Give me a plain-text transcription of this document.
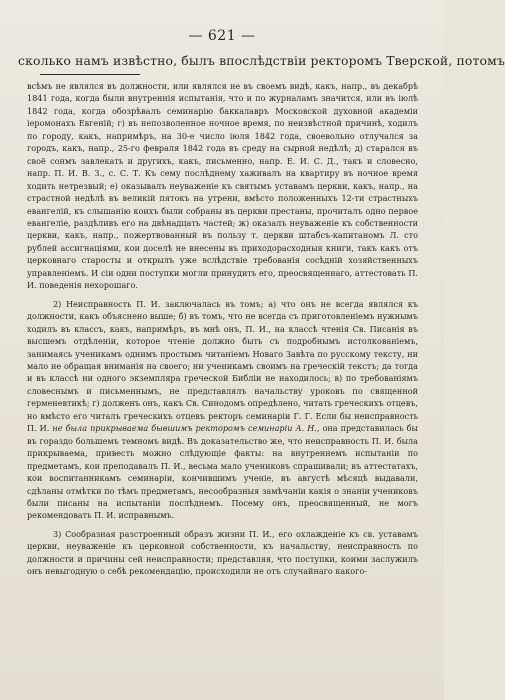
— 621 —
сколько намъ извѣстно, былъ впослѣдствіи ректоромъ Тверской, потомъ

всѣмъ не являлся въ должности, или являлся не въ своемъ видѣ, какъ, напр., въ декабрѣ 1841 года, когда были внутреннія испытанія, что и по журналамъ значится, или въ іюлѣ 1842 года, когда обозрѣвалъ семинарію баккалавръ Московской духовной академіи іеромонахъ Евгеній; г) въ непозволенное ночное время, по неизвѣстной причинѣ, ходилъ по городу, какъ, напримѣръ, на 30-е число іюля 1842 года, своевольно отлучался за городъ, какъ, напр., 25-го февраля 1842 года въ среду на сырной недѣлѣ; д) старался въ своё сонмъ завлекать и другихъ, какъ, письменно, напр. Е. И. С. Д., такъ и словесно, напр. П. И. В. З., с. С. Т. Къ сему послѣднему хаживалъ на квартиру въ ночное время ходить нетрезвый; е) оказывалъ неуваженіе къ святымъ уставамъ церкви, какъ, напр., на страстной недѣлѣ въ великій пятокъ на утрени, вмѣсто положенныхъ 12-ти страстныхъ евангелій, къ слышанію коихъ были собраны въ церкви престаны, прочиталъ одно первое евангеліе, раздѣливъ его на двѣнадцать частей; ж) оказалъ неуваженіе къ собственности церкви, какъ, напр., пожертвованный въ пользу т. церкви штабсъ-капитаномъ Л. сто рублей ассигнаціями, кои доселѣ не внесены въ приходорасходныя книги, такъ какъ отъ церковнаго старосты и открылъ уже вслѣдствіе требованія сосѣдній хозяйственныхъ управленіемъ. И сіи одни поступки могли принудить его, преосвященнаго, аттестовать П. И. поведенія нехорошаго.

2) Неисправность П. И. заключалась въ томъ; а) что онъ не всегда являлся къ должности, какъ объяснено выше; б) въ томъ, что не всегда съ приготовленіемъ нужнымъ ходилъ въ классъ, какъ, напримѣръ, въ мнѣ онъ, П. И., на классѣ чтенія Св. Писанія въ высшемъ отдѣленіи, которое чтеніе должно быть съ подробнымъ истолкованіемъ, занимаясь ученикамъ однимъ простымъ читаніемъ Новаго Завѣта по русскому тексту, ни мало не обращая вниманія на своего; ни ученикамъ своимъ на греческій текстъ; да тогда и въ классѣ ни одного экземпляра греческой Библіи не находилось; в) по требованіямъ словеснымъ и письменнымъ, не представлялъ начальству уроковъ по священной герменевтикѣ; г) долженъ онъ, какъ Св. Синодомъ опредѣлено, читать греческихъ отцевъ, но вмѣсто его читалъ греческихъ отцевъ ректоръ семинаріи Г. Г. Если бы неисправность П. И. не была прикрываема бывшимъ ректоромъ семинаріи А. Н., она представилась бы въ гораздо большемъ темномъ видѣ. Въ доказательство же, что неисправность П. И. была прикрываема, привесть можно слѣдующіе факты: на внутреннемъ испытаніи по предметамъ, кои преподавалъ П. И., весьма мало учениковъ спрашивали; въ аттестатахъ, кои воспитанникамъ семинаріи, кончившимъ ученіе, въ августѣ мѣсяцѣ выдавали, сдѣланы отмѣтки по тѣмъ предметамъ, несообразныя замѣчаніи какія о знаніи учениковъ были писаны на испытаніи послѣднемъ. Посему онъ, преосвященный, не могъ рекомендовать П. И. исправнымъ.

3) Сообразная разстроенный образъ жизни П. И., его охлажденіе къ св. уставамъ церкви, неуваженіе къ церковной собственности, къ начальству, неисправность по должности и причины сей неисправности; представляя, что поступки, коими заслужилъ онъ невыгодную о себѣ рекомендацію, происходили не отъ случайнаго какого-
